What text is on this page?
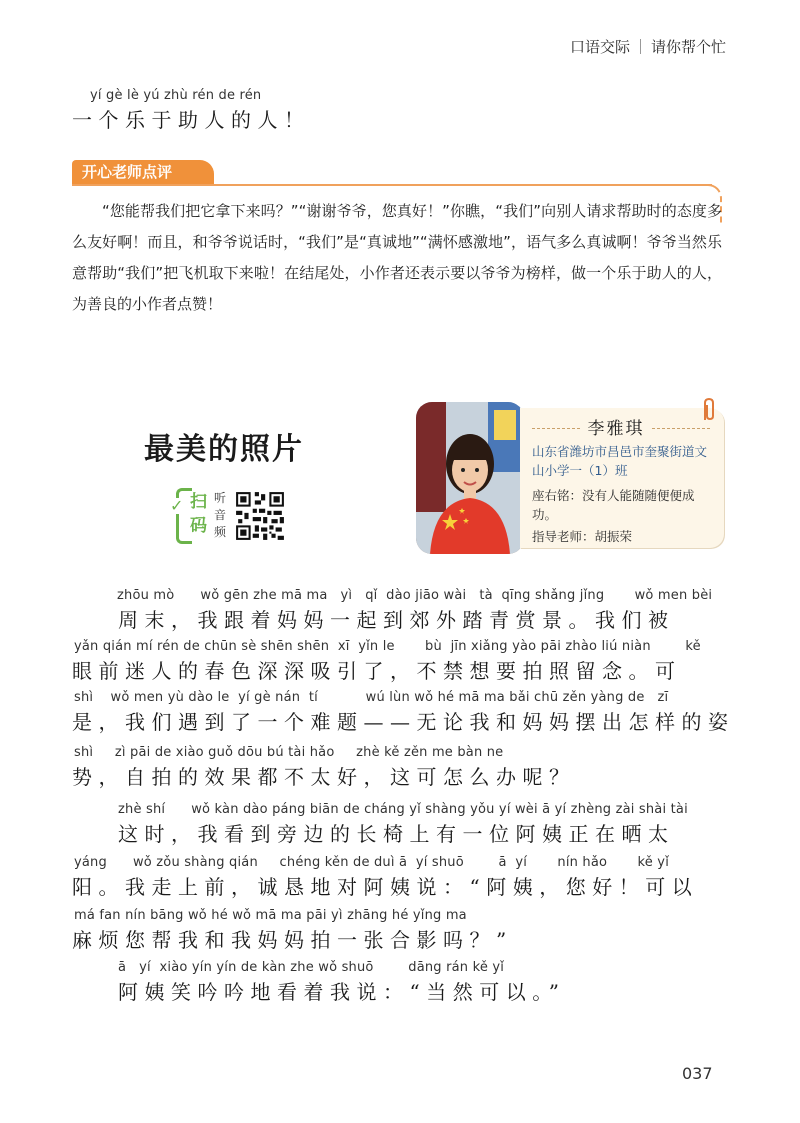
口语交际 请你帮个忙
yí gè lè yú zhù rén de rén
一个乐于助人的人！
开心老师点评

“您能帮我们把它拿下来吗？”“谢谢爷爷，您真好！”你瞧，“我们”向别人请求帮助时的态度多么友好啊！而且，和爷爷说话时，“我们”是“真诚地”“满怀感激地”，语气多么真诚啊！爷爷当然乐意帮助“我们”把飞机取下来啦！在结尾处，小作者还表示要以爷爷为榜样，做一个乐于助人的人，为善良的小作者点赞！

最美的照片
✓ 扫
码
听音频
李雅琪
山东省潍坊市昌邑市奎聚街道文山小学一（1）班
座右铭：没有人能随随便便成功。
指导老师：胡振荣
zhōu mò      wǒ gēn zhe mā ma   yì   qǐ  dào jiāo wài   tà  qīng shǎng jǐng       wǒ men bèi
周末，我跟着妈妈一起到郊外踏青赏景。我们被
yǎn qián mí rén de chūn sè shēn shēn  xī  yǐn le       bù  jīn xiǎng yào pāi zhào liú niàn        kě
眼前迷人的春色深深吸引了，不禁想要拍照留念。可
shì    wǒ men yù dào le  yí gè nán  tí           wú lùn wǒ hé mā ma bǎi chū zěn yàng de   zī
是，我们遇到了一个难题——无论我和妈妈摆出怎样的姿
shì     zì pāi de xiào guǒ dōu bú tài hǎo     zhè kě zěn me bàn ne
势，自拍的效果都不太好，这可怎么办呢？
zhè shí      wǒ kàn dào páng biān de cháng yǐ shàng yǒu yí wèi ā yí zhèng zài shài tài
这时，我看到旁边的长椅上有一位阿姨正在晒太
yáng      wǒ zǒu shàng qián     chéng kěn de duì ā  yí shuō        ā  yí       nín hǎo       kě yǐ
阳。我走上前，诚恳地对阿姨说：“阿姨，您好！可以
má fan nín bāng wǒ hé wǒ mā ma pāi yì zhāng hé yǐng ma
麻烦您帮我和我妈妈拍一张合影吗？”
ā   yí  xiào yín yín de kàn zhe wǒ shuō        dāng rán kě yǐ
阿姨笑吟吟地看着我说：“当然可以。”
037
